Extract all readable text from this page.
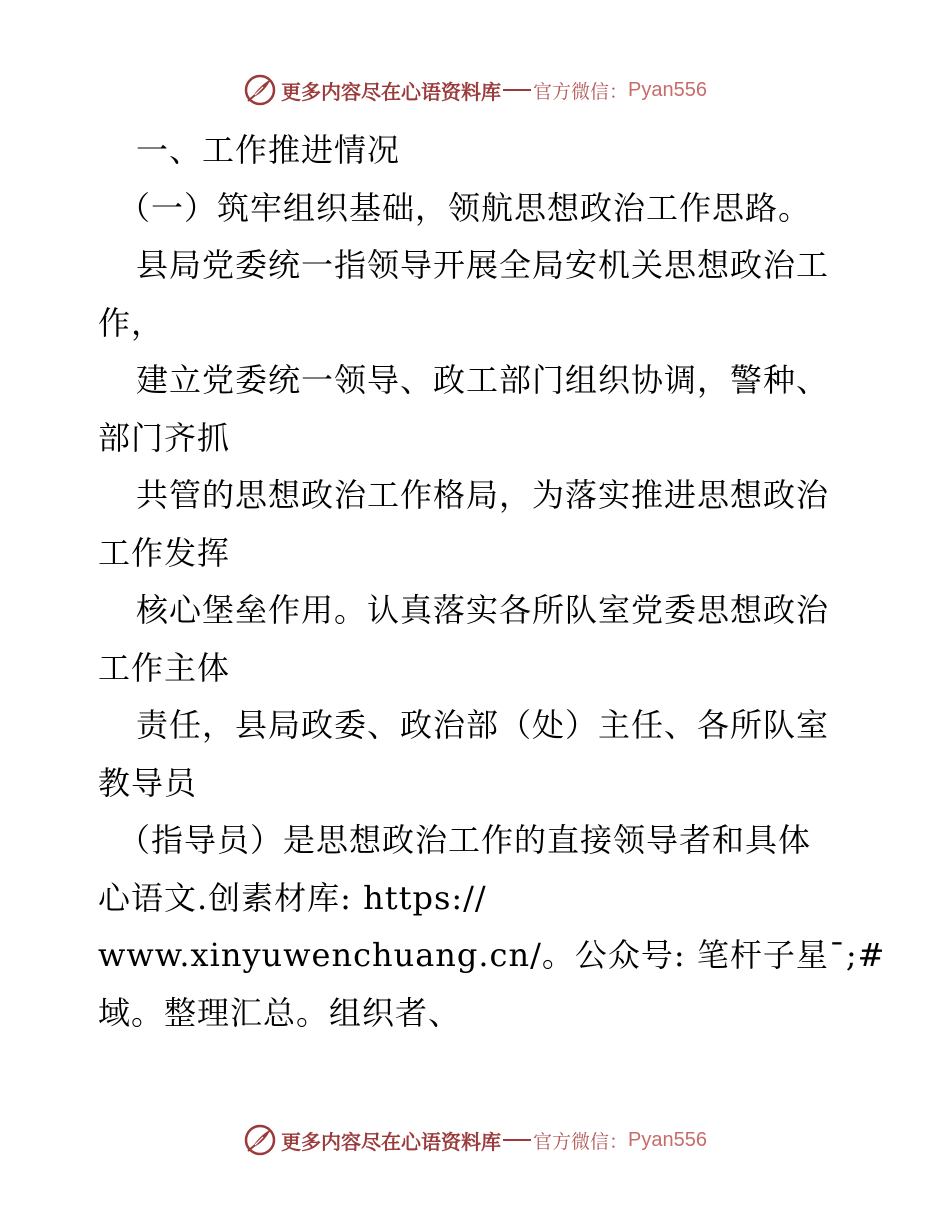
更多内容尽在心语资料库 官方微信： Pyan556
一、工作推进情况
（一）筑牢组织基础，领航思想政治工作思路。
县局党委统一指领导开展全局安机关思想政治工
作，
建立党委统一领导、政工部门组织协调，警种、
部门齐抓
共管的思想政治工作格局，为落实推进思想政治
工作发挥
核心堡垒作用。认真落实各所队室党委思想政治
工作主体
责任，县局政委、政治部（处）主任、各所队室
教导员
（指导员）是思想政治工作的直接领导者和具体
心语文.创素材库: https://
www.xinyuwenchuang.cn/。公众号: 笔杆子星¯;#
域。整理汇总。组织者、
更多内容尽在心语资料库 官方微信： Pyan556
